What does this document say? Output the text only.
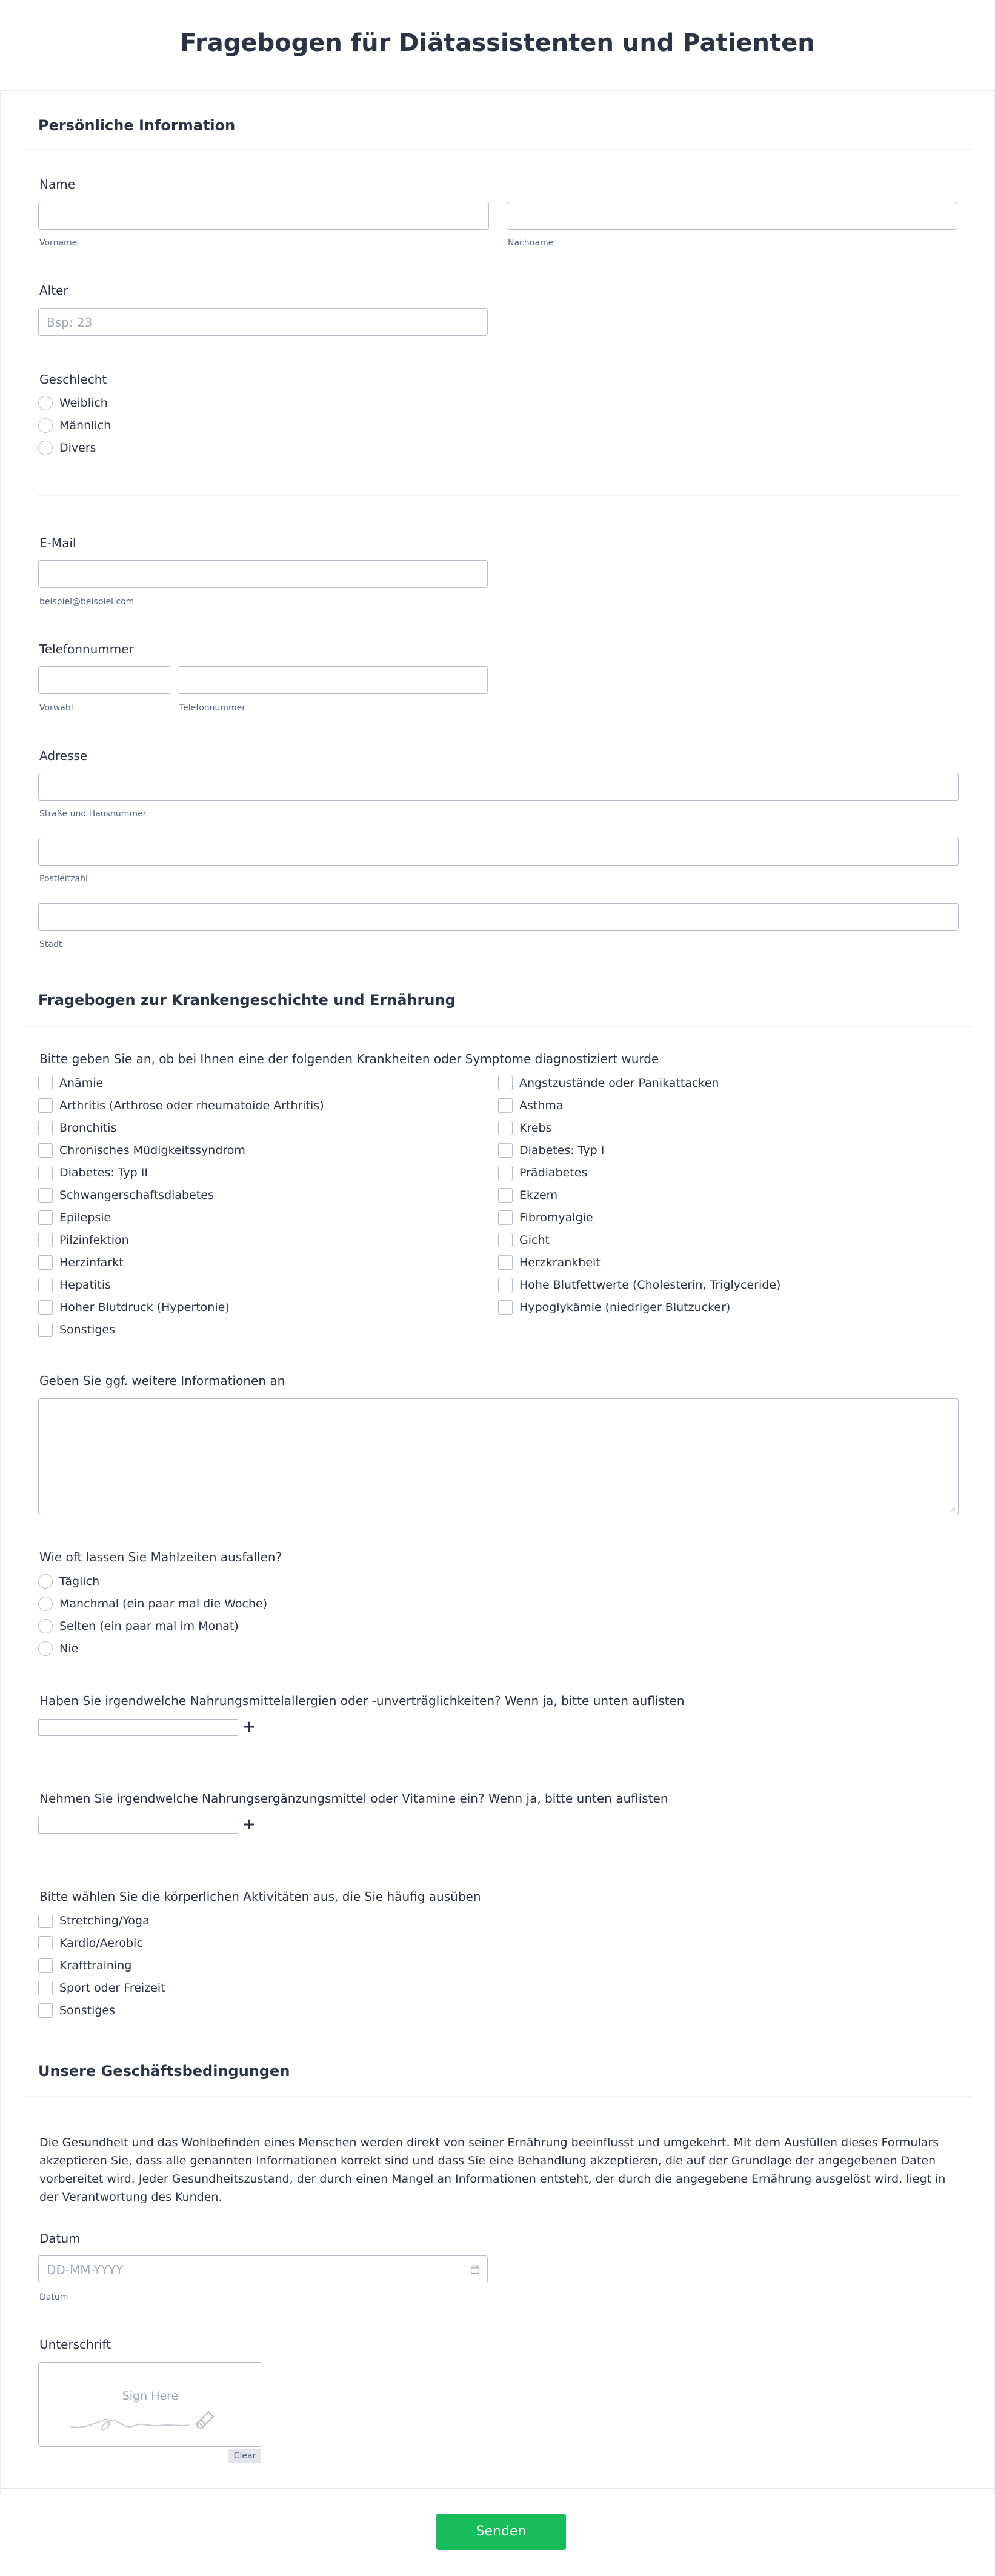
Fragebogen für Diätassistenten und Patienten
Persönliche Information
Name
Vorname	Nachname
Alter
Bsp: 23
Geschlecht
Weiblich
Männlich
Divers
E-Mail
beispiel@beispiel.com
Telefonnummer
Vorwahl	Telefonnummer
Adresse
Straße und Hausnummer
Postleitzahl
Stadt
Fragebogen zur Krankengeschichte und Ernährung
Bitte geben Sie an, ob bei Ihnen eine der folgenden Krankheiten oder Symptome diagnostiziert wurde
Anämie
Arthritis (Arthrose oder rheumatoide Arthritis)
Bronchitis
Chronisches Müdigkeitssyndrom
Diabetes: Typ II
Schwangerschaftsdiabetes
Epilepsie
Pilzinfektion
Herzinfarkt
Hepatitis
Hoher Blutdruck (Hypertonie)
Sonstiges
Angstzustände oder Panikattacken
Asthma
Krebs
Diabetes: Typ I
Prädiabetes
Ekzem
Fibromyalgie
Gicht
Herzkrankheit
Hohe Blutfettwerte (Cholesterin, Triglyceride)
Hypoglykämie (niedriger Blutzucker)
Geben Sie ggf. weitere Informationen an
Wie oft lassen Sie Mahlzeiten ausfallen?
Täglich
Manchmal (ein paar mal die Woche)
Selten (ein paar mal im Monat)
Nie
Haben Sie irgendwelche Nahrungsmittelallergien oder -unverträglichkeiten? Wenn ja, bitte unten auflisten
+
Nehmen Sie irgendwelche Nahrungsergänzungsmittel oder Vitamine ein? Wenn ja, bitte unten auflisten
+
Bitte wählen Sie die körperlichen Aktivitäten aus, die Sie häufig ausüben
Stretching/Yoga
Kardio/Aerobic
Krafttraining
Sport oder Freizeit
Sonstiges
Unsere Geschäftsbedingungen
Die Gesundheit und das Wohlbefinden eines Menschen werden direkt von seiner Ernährung beeinflusst und umgekehrt. Mit dem Ausfüllen dieses Formulars akzeptieren Sie, dass alle genannten Informationen korrekt sind und dass Sie eine Behandlung akzeptieren, die auf der Grundlage der angegebenen Daten vorbereitet wird. Jeder Gesundheitszustand, der durch einen Mangel an Informationen entsteht, der durch die angegebene Ernährung ausgelöst wird, liegt in der Verantwortung des Kunden.
Datum
DD-MM-YYYY
Datum
Unterschrift
Sign Here
Clear
Senden
